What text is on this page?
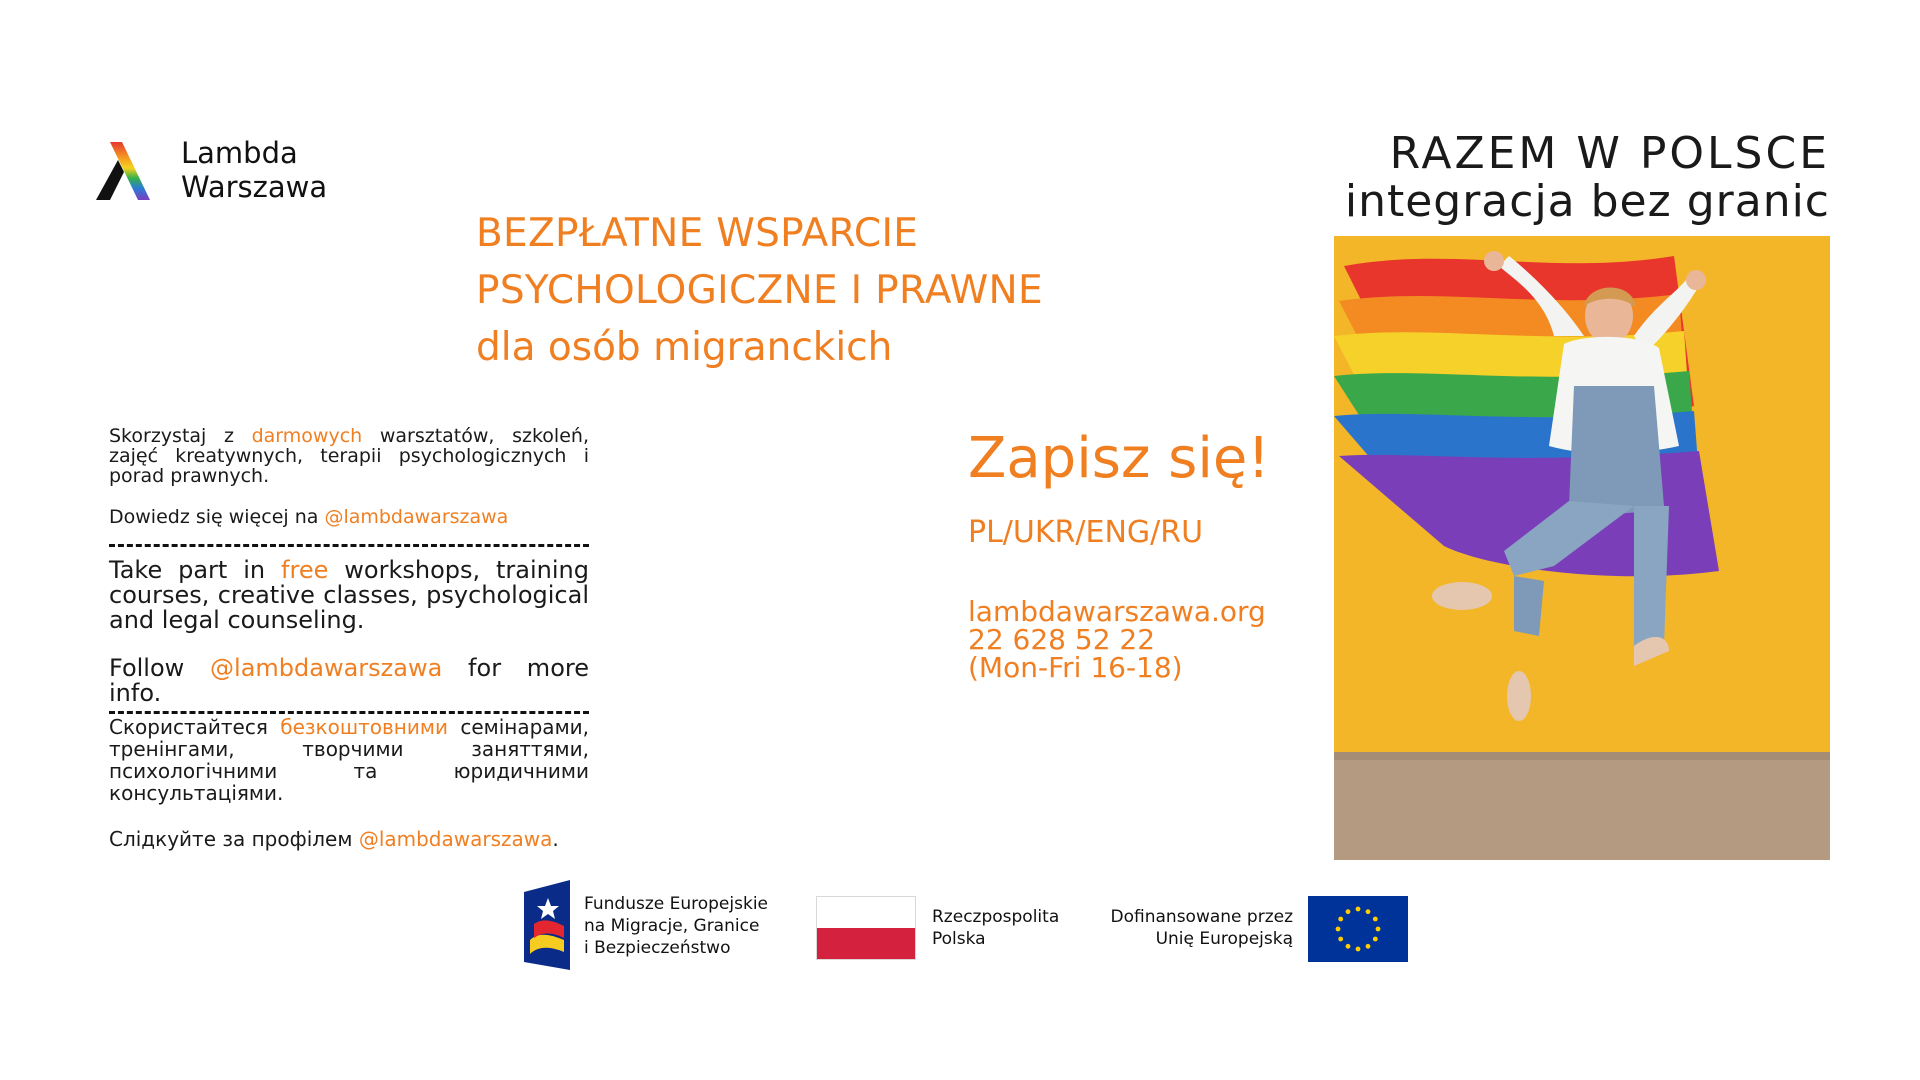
Lambda
Warszawa
BEZPŁATNE WSPARCIE
PSYCHOLOGICZNE I PRAWNE
dla osób migranckich
RAZEM W POLSCE
integracja bez granic
Skorzystaj z darmowych warsztatów, szkoleń, zajęć kreatywnych, terapii psychologicznych i porad prawnych.
Dowiedz się więcej na @lambdawarszawa
Take part in free workshops, training courses, creative classes, psychological and legal counseling.
Follow @lambdawarszawa for more info.
Скористайтеся безкоштовними семінарами, тренінгами, творчими заняттями, психологічними та юридичними консультаціями.
Слідкуйте за профілем @lambdawarszawa.
Zapisz się!
PL/UKR/ENG/RU
lambdawarszawa.org
22 628 52 22
(Mon-Fri 16-18)
Fundusze Europejskie
na Migracje, Granice
i Bezpieczeństwo
Rzeczpospolita
Polska
Dofinansowane przez
Unię Europejską
